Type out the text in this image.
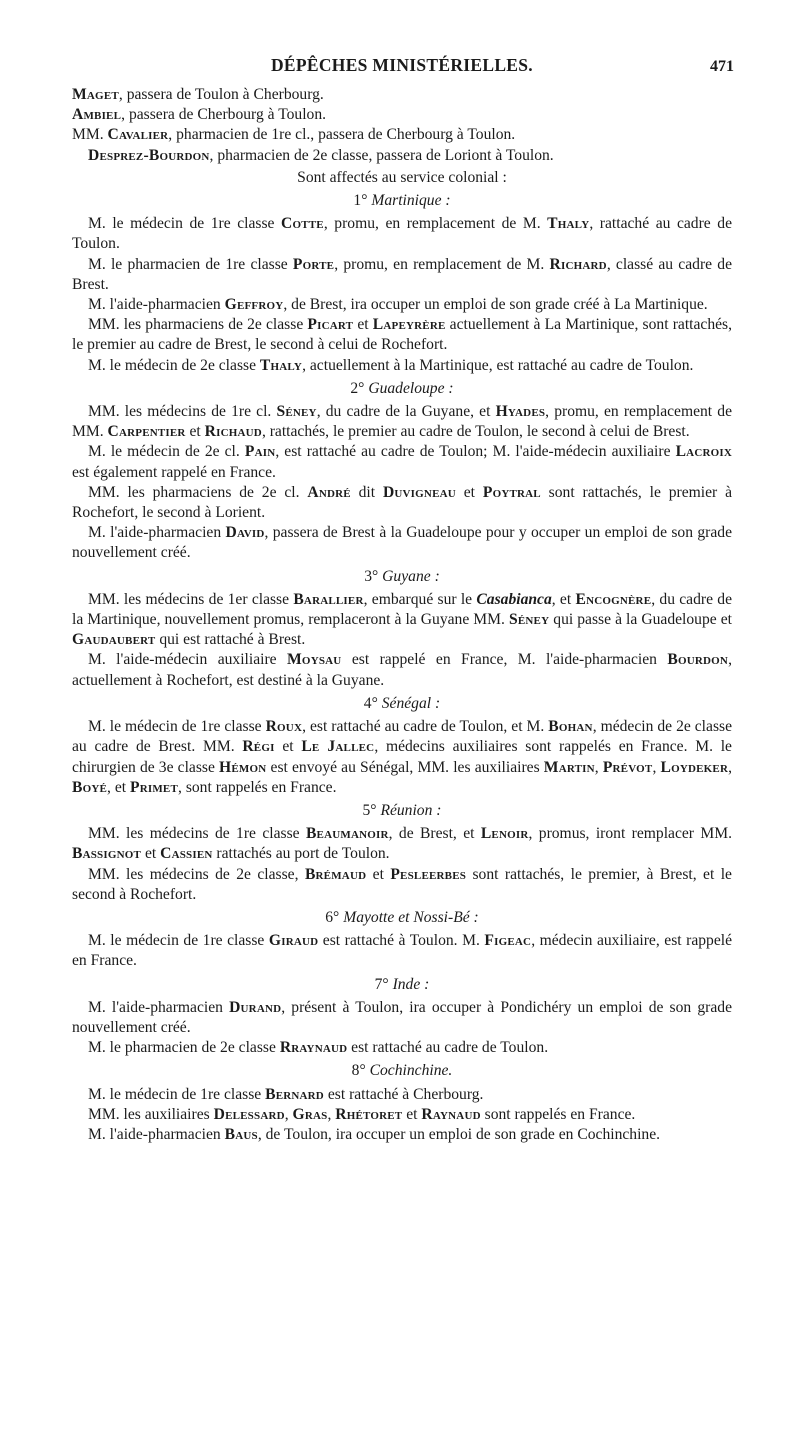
DÉPÊCHES MINISTÉRIELLES.	471

Maget, passera de Toulon à Cherbourg.

Ambiel, passera de Cherbourg à Toulon.

MM. Cavalier, pharmacien de 1re cl., passera de Cherbourg à Toulon.

Desprez-Bourdon, pharmacien de 2e classe, passera de Loriont à Toulon.

Sont affectés au service colonial :

1° Martinique :

M. le médecin de 1re classe Cotte, promu, en remplacement de M. Thaly, rattaché au cadre de Toulon.

M. le pharmacien de 1re classe Porte, promu, en remplacement de M. Richard, classé au cadre de Brest.

M. l'aide-pharmacien Geffroy, de Brest, ira occuper un emploi de son grade créé à La Martinique.

MM. les pharmaciens de 2e classe Picart et Lapeyrère actuellement à La Martinique, sont rattachés, le premier au cadre de Brest, le second à celui de Rochefort.

M. le médecin de 2e classe Thaly, actuellement à la Martinique, est rattaché au cadre de Toulon.

2° Guadeloupe :

MM. les médecins de 1re cl. Séney, du cadre de la Guyane, et Hyades, promu, en remplacement de MM. Carpentier et Richaud, rattachés, le premier au cadre de Toulon, le second à celui de Brest.

M. le médecin de 2e cl. Pain, est rattaché au cadre de Toulon; M. l'aide-médecin auxiliaire Lacroix est également rappelé en France.

MM. les pharmaciens de 2e cl. André dit Duvigneau et Poytral sont rattachés, le premier à Rochefort, le second à Lorient.

M. l'aide-pharmacien David, passera de Brest à la Guadeloupe pour y occuper un emploi de son grade nouvellement créé.

3° Guyane :

MM. les médecins de 1er classe Barallier, embarqué sur le Casabianca, et Encognère, du cadre de la Martinique, nouvellement promus, remplaceront à la Guyane MM. Séney qui passe à la Guadeloupe et Gaudaubert qui est rattaché à Brest.

M. l'aide-médecin auxiliaire Moysau est rappelé en France, M. l'aide-pharmacien Bourdon, actuellement à Rochefort, est destiné à la Guyane.

4° Sénégal :

M. le médecin de 1re classe Roux, est rattaché au cadre de Toulon, et M. Bohan, médecin de 2e classe au cadre de Brest. MM. Régi et Le Jallec, médecins auxiliaires sont rappelés en France. M. le chirurgien de 3e classe Hémon est envoyé au Sénégal, MM. les auxiliaires Martin, Prévot, Loydeker, Boyé, et Primet, sont rappelés en France.

5° Réunion :

MM. les médecins de 1re classe Beaumanoir, de Brest, et Lenoir, promus, iront remplacer MM. Bassignot et Cassien rattachés au port de Toulon.

MM. les médecins de 2e classe, Brémaud et Pesleerbes sont rattachés, le premier, à Brest, et le second à Rochefort.

6° Mayotte et Nossi-Bé :

M. le médecin de 1re classe Giraud est rattaché à Toulon. M. Figeac, médecin auxiliaire, est rappelé en France.

7° Inde :

M. l'aide-pharmacien Durand, présent à Toulon, ira occuper à Pondichéry un emploi de son grade nouvellement créé.

M. le pharmacien de 2e classe Rraynaud est rattaché au cadre de Toulon.

8° Cochinchine.

M. le médecin de 1re classe Bernard est rattaché à Cherbourg.

MM. les auxiliaires Delessard, Gras, Rhétoret et Raynaud sont rappelés en France.

M. l'aide-pharmacien Baus, de Toulon, ira occuper un emploi de son grade en Cochinchine.
